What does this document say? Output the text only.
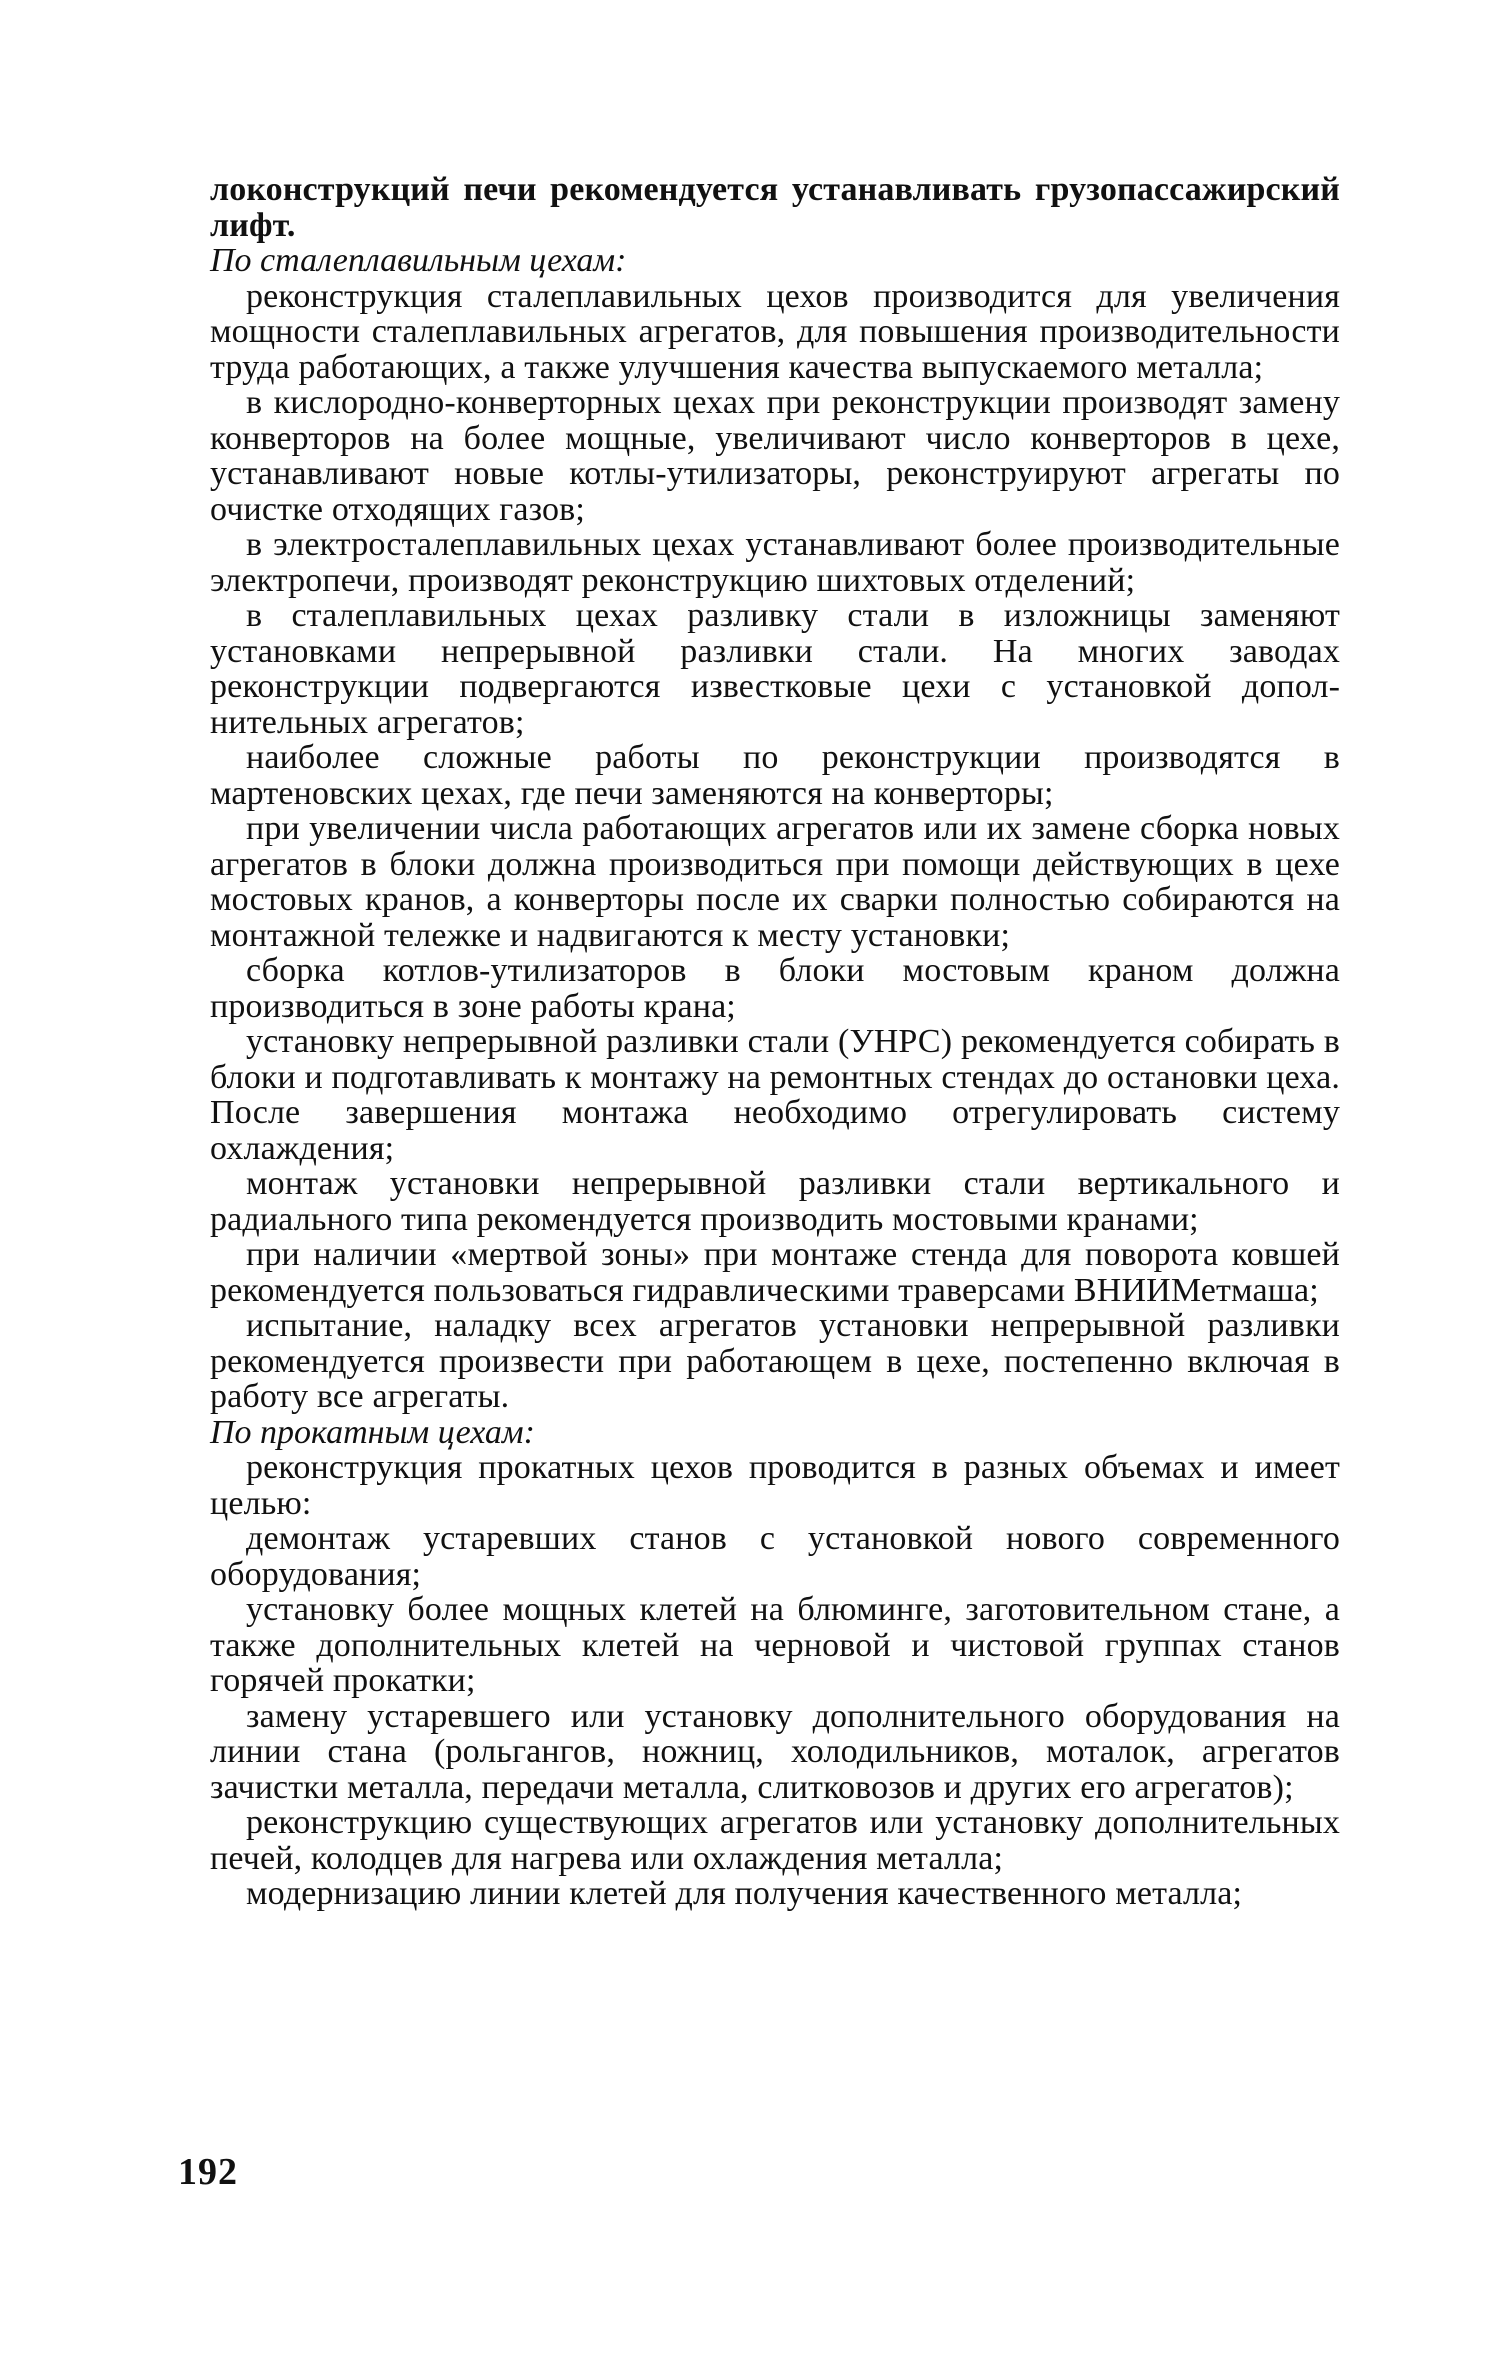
локонструкций печи рекомендуется устанавливать грузопассажирский лифт.

По сталеплавильным цехам:

реконструкция сталеплавильных цехов производится для увеличения мощности сталеплавильных агрегатов, для повышения производительности труда работающих, а также улучшения качества выпускаемого металла;

в кислородно-конверторных цехах при реконструкции производят замену конверторов на более мощные, увеличивают число конверторов в цехе, устанавливают новые котлы-утилизаторы, реконструируют агрегаты по очистке отходящих газов;

в электросталеплавильных цехах устанавливают более производительные электропечи, производят реконструкцию шихтовых отделений;

в сталеплавильных цехах разливку стали в изложницы заменяют установками непрерывной разливки стали. На многих заводах реконструкции подвергаются известковые цехи с установкой дополнительных агрегатов;

наиболее сложные работы по реконструкции производятся в мартеновских цехах, где печи заменяются на конверторы;

при увеличении числа работающих агрегатов или их замене сборка новых агрегатов в блоки должна производиться при помощи действующих в цехе мостовых кранов, а конверторы после их сварки полностью собираются на монтажной тележке и надвигаются к месту установки;

сборка котлов-утилизаторов в блоки мостовым краном должна производиться в зоне работы крана;

установку непрерывной разливки стали (УНРС) рекомендуется собирать в блоки и подготавливать к монтажу на ремонтных стендах до остановки цеха. После завершения монтажа необходимо отрегулировать систему охлаждения;

монтаж установки непрерывной разливки стали вертикального и радиального типа рекомендуется производить мостовыми кранами;

при наличии «мертвой зоны» при монтаже стенда для поворота ковшей рекомендуется пользоваться гидравлическими траверсами ВНИИМетмаша;

испытание, наладку всех агрегатов установки непрерывной разливки рекомендуется произвести при работающем в цехе, постепенно включая в работу все агрегаты.

По прокатным цехам:

реконструкция прокатных цехов проводится в разных объемах и имеет целью:

демонтаж устаревших станов с установкой нового современного оборудования;

установку более мощных клетей на блюминге, заготовительном стане, а также дополнительных клетей на черновой и чистовой группах станов горячей прокатки;

замену устаревшего или установку дополнительного оборудования на линии стана (рольгангов, ножниц, холодильников, моталок, агрегатов зачистки металла, передачи металла, слитковозов и других его агрегатов);

реконструкцию существующих агрегатов или установку дополнительных печей, колодцев для нагрева или охлаждения металла;

модернизацию линии клетей для получения качественного металла;

192
